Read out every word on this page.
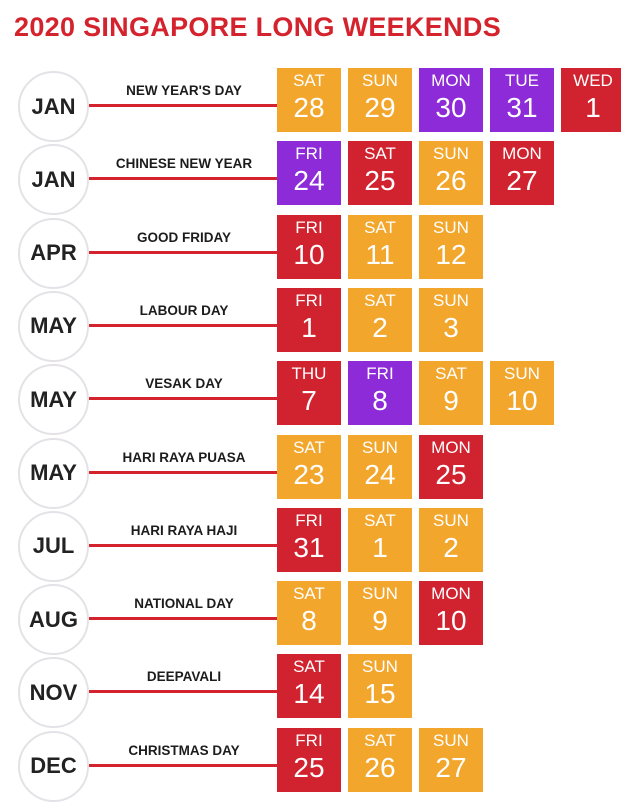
2020 SINGAPORE LONG WEEKENDS
JAN
NEW YEAR'S DAY
SAT
28
SUN
29
MON
30
TUE
31
WED
1
JAN
CHINESE NEW YEAR
FRI
24
SAT
25
SUN
26
MON
27
APR
GOOD FRIDAY
FRI
10
SAT
11
SUN
12
MAY
LABOUR DAY
FRI
1
SAT
2
SUN
3
MAY
VESAK DAY
THU
7
FRI
8
SAT
9
SUN
10
MAY
HARI RAYA PUASA
SAT
23
SUN
24
MON
25
JUL
HARI RAYA HAJI
FRI
31
SAT
1
SUN
2
AUG
NATIONAL DAY
SAT
8
SUN
9
MON
10
NOV
DEEPAVALI
SAT
14
SUN
15
DEC
CHRISTMAS DAY
FRI
25
SAT
26
SUN
27
